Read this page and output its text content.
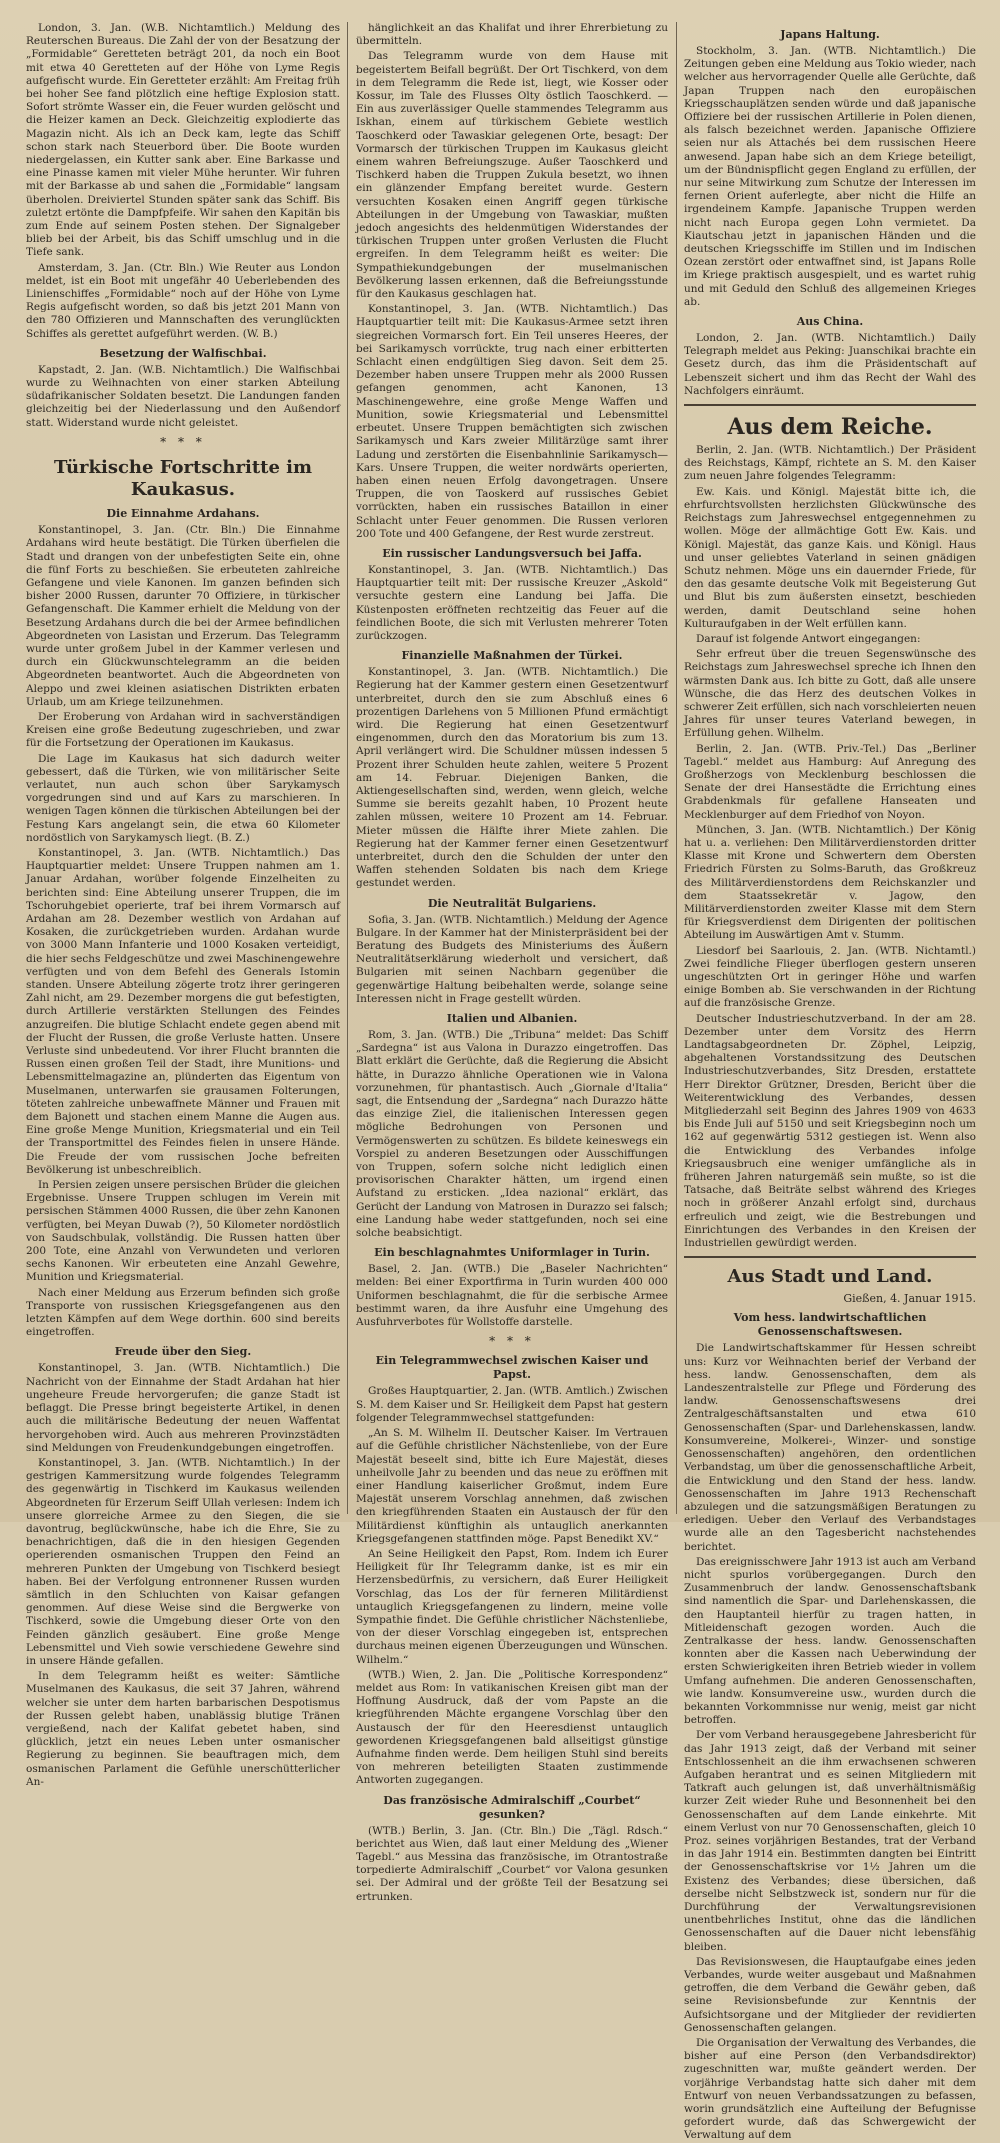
London, 3. Jan. (W.B. Nichtamtlich.) Meldung des Reuterschen Bureaus. Die Zahl der von der Besatzung der „Formidable“ Geretteten beträgt 201, da noch ein Boot mit etwa 40 Geretteten auf der Höhe von Lyme Regis aufgefischt wurde. Ein Geretteter erzählt: Am Freitag früh bei hoher See fand plötzlich eine heftige Explosion statt. Sofort strömte Wasser ein, die Feuer wurden gelöscht und die Heizer kamen an Deck. Gleichzeitig explodierte das Magazin nicht. Als ich an Deck kam, legte das Schiff schon stark nach Steuerbord über. Die Boote wurden niedergelassen, ein Kutter sank aber. Eine Barkasse und eine Pinasse kamen mit vieler Mühe herunter. Wir fuhren mit der Barkasse ab und sahen die „Formidable“ langsam überholen. Dreiviertel Stunden später sank das Schiff. Bis zuletzt ertönte die Dampfpfeife. Wir sahen den Kapitän bis zum Ende auf seinem Posten stehen. Der Signalgeber blieb bei der Arbeit, bis das Schiff umschlug und in die Tiefe sank.

Amsterdam, 3. Jan. (Ctr. Bln.) Wie Reuter aus London meldet, ist ein Boot mit ungefähr 40 Ueberlebenden des Linienschiffes „Formidable“ noch auf der Höhe von Lyme Regis aufgefischt worden, so daß bis jetzt 201 Mann von den 780 Offizieren und Mannschaften des verunglückten Schiffes als gerettet aufgeführt werden. (W. B.)

Besetzung der Walfischbai.

Kapstadt, 2. Jan. (W.B. Nichtamtlich.) Die Walfischbai wurde zu Weihnachten von einer starken Abteilung südafrikanischer Soldaten besetzt. Die Landungen fanden gleichzeitig bei der Niederlassung und den Außendorf statt. Widerstand wurde nicht geleistet.

* * *
Türkische Fortschritte im Kaukasus.
Die Einnahme Ardahans.

Konstantinopel, 3. Jan. (Ctr. Bln.) Die Einnahme Ardahans wird heute bestätigt. Die Türken überfielen die Stadt und drangen von der unbefestigten Seite ein, ohne die fünf Forts zu beschießen. Sie erbeuteten zahlreiche Gefangene und viele Kanonen. Im ganzen befinden sich bisher 2000 Russen, darunter 70 Offiziere, in türkischer Gefangenschaft. Die Kammer erhielt die Meldung von der Besetzung Ardahans durch die bei der Armee befindlichen Abgeordneten von Lasistan und Erzerum. Das Telegramm wurde unter großem Jubel in der Kammer verlesen und durch ein Glückwunschtelegramm an die beiden Abgeordneten beantwortet. Auch die Abgeordneten von Aleppo und zwei kleinen asiatischen Distrikten erbaten Urlaub, um am Kriege teilzunehmen.

Der Eroberung von Ardahan wird in sachverständigen Kreisen eine große Bedeutung zugeschrieben, und zwar für die Fortsetzung der Operationen im Kaukasus.

Die Lage im Kaukasus hat sich dadurch weiter gebessert, daß die Türken, wie von militärischer Seite verlautet, nun auch schon über Sarykamysch vorgedrungen sind und auf Kars zu marschieren. In wenigen Tagen können die türkischen Abteilungen bei der Festung Kars angelangt sein, die etwa 60 Kilometer nordöstlich von Sarykamysch liegt. (B. Z.)

Konstantinopel, 3. Jan. (WTB. Nichtamtlich.) Das Hauptquartier meldet: Unsere Truppen nahmen am 1. Januar Ardahan, worüber folgende Einzelheiten zu berichten sind: Eine Abteilung unserer Truppen, die im Tschoruhgebiet operierte, traf bei ihrem Vormarsch auf Ardahan am 28. Dezember westlich von Ardahan auf Kosaken, die zurückgetrieben wurden. Ardahan wurde von 3000 Mann Infanterie und 1000 Kosaken verteidigt, die hier sechs Feldgeschütze und zwei Maschinengewehre verfügten und von dem Befehl des Generals Istomin standen. Unsere Abteilung zögerte trotz ihrer geringeren Zahl nicht, am 29. Dezember morgens die gut befestigten, durch Artillerie verstärkten Stellungen des Feindes anzugreifen. Die blutige Schlacht endete gegen abend mit der Flucht der Russen, die große Verluste hatten. Unsere Verluste sind unbedeutend. Vor ihrer Flucht brannten die Russen einen großen Teil der Stadt, ihre Munitions- und Lebensmittelmagazine an, plünderten das Eigentum von Muselmanen, unterwarfen sie grausamen Folterungen, töteten zahlreiche unbewaffnete Männer und Frauen mit dem Bajonett und stachen einem Manne die Augen aus. Eine große Menge Munition, Kriegsmaterial und ein Teil der Transportmittel des Feindes fielen in unsere Hände. Die Freude der vom russischen Joche befreiten Bevölkerung ist unbeschreiblich.

In Persien zeigen unsere persischen Brüder die gleichen Ergebnisse. Unsere Truppen schlugen im Verein mit persischen Stämmen 4000 Russen, die über zehn Kanonen verfügten, bei Meyan Duwab (?), 50 Kilometer nordöstlich von Saudschbulak, vollständig. Die Russen hatten über 200 Tote, eine Anzahl von Verwundeten und verloren sechs Kanonen. Wir erbeuteten eine Anzahl Gewehre, Munition und Kriegsmaterial.

Nach einer Meldung aus Erzerum befinden sich große Transporte von russischen Kriegsgefangenen aus den letzten Kämpfen auf dem Wege dorthin. 600 sind bereits eingetroffen.

Freude über den Sieg.

Konstantinopel, 3. Jan. (WTB. Nichtamtlich.) Die Nachricht von der Einnahme der Stadt Ardahan hat hier ungeheure Freude hervorgerufen; die ganze Stadt ist beflaggt. Die Presse bringt begeisterte Artikel, in denen auch die militärische Bedeutung der neuen Waffentat hervorgehoben wird. Auch aus mehreren Provinzstädten sind Meldungen von Freudenkundgebungen eingetroffen.

Konstantinopel, 3. Jan. (WTB. Nichtamtlich.) In der gestrigen Kammersitzung wurde folgendes Telegramm des gegenwärtig in Tischkerd im Kaukasus weilenden Abgeordneten für Erzerum Seiff Ullah verlesen: Indem ich unsere glorreiche Armee zu den Siegen, die sie davontrug, beglückwünsche, habe ich die Ehre, Sie zu benachrichtigen, daß die in den hiesigen Gegenden operierenden osmanischen Truppen den Feind an mehreren Punkten der Umgebung von Tischkerd besiegt haben. Bei der Verfolgung entronnener Russen wurden sämtlich in den Schluchten von Kaisar gefangen genommen. Auf diese Weise sind die Bergwerke von Tischkerd, sowie die Umgebung dieser Orte von den Feinden gänzlich gesäubert. Eine große Menge Lebensmittel und Vieh sowie verschiedene Gewehre sind in unsere Hände gefallen.

In dem Telegramm heißt es weiter: Sämtliche Muselmanen des Kaukasus, die seit 37 Jahren, während welcher sie unter dem harten barbarischen Despotismus der Russen gelebt haben, unablässig blutige Tränen vergießend, nach der Kalifat gebetet haben, sind glücklich, jetzt ein neues Leben unter osmanischer Regierung zu beginnen. Sie beauftragen mich, dem osmanischen Parlament die Gefühle unerschütterlicher An-

hänglichkeit an das Khalifat und ihrer Ehrerbietung zu übermitteln.

Das Telegramm wurde von dem Hause mit begeistertem Beifall begrüßt. Der Ort Tischkerd, von dem in dem Telegramm die Rede ist, liegt, wie Kosser oder Kossur, im Tale des Flusses Olty östlich Taoschkerd. — Ein aus zuverlässiger Quelle stammendes Telegramm aus Iskhan, einem auf türkischem Gebiete westlich Taoschkerd oder Tawaskiar gelegenen Orte, besagt: Der Vormarsch der türkischen Truppen im Kaukasus gleicht einem wahren Befreiungszuge. Außer Taoschkerd und Tischkerd haben die Truppen Zukula besetzt, wo ihnen ein glänzender Empfang bereitet wurde. Gestern versuchten Kosaken einen Angriff gegen türkische Abteilungen in der Umgebung von Tawaskiar, mußten jedoch angesichts des heldenmütigen Widerstandes der türkischen Truppen unter großen Verlusten die Flucht ergreifen. In dem Telegramm heißt es weiter: Die Sympathiekundgebungen der muselmanischen Bevölkerung lassen erkennen, daß die Befreiungsstunde für den Kaukasus geschlagen hat.

Konstantinopel, 3. Jan. (WTB. Nichtamtlich.) Das Hauptquartier teilt mit: Die Kaukasus-Armee setzt ihren siegreichen Vormarsch fort. Ein Teil unseres Heeres, der bei Sarikamysch vorrückte, trug nach einer erbitterten Schlacht einen endgültigen Sieg davon. Seit dem 25. Dezember haben unsere Truppen mehr als 2000 Russen gefangen genommen, acht Kanonen, 13 Maschinengewehre, eine große Menge Waffen und Munition, sowie Kriegsmaterial und Lebensmittel erbeutet. Unsere Truppen bemächtigten sich zwischen Sarikamysch und Kars zweier Militärzüge samt ihrer Ladung und zerstörten die Eisenbahnlinie Sarikamysch—Kars. Unsere Truppen, die weiter nordwärts operierten, haben einen neuen Erfolg davongetragen. Unsere Truppen, die von Taoskerd auf russisches Gebiet vorrückten, haben ein russisches Bataillon in einer Schlacht unter Feuer genommen. Die Russen verloren 200 Tote und 400 Gefangene, der Rest wurde zerstreut.

Ein russischer Landungsversuch bei Jaffa.

Konstantinopel, 3. Jan. (WTB. Nichtamtlich.) Das Hauptquartier teilt mit: Der russische Kreuzer „Askold“ versuchte gestern eine Landung bei Jaffa. Die Küstenposten eröffneten rechtzeitig das Feuer auf die feindlichen Boote, die sich mit Verlusten mehrerer Toten zurückzogen.

Finanzielle Maßnahmen der Türkei.

Konstantinopel, 3. Jan. (WTB. Nichtamtlich.) Die Regierung hat der Kammer gestern einen Gesetzentwurf unterbreitet, durch den sie zum Abschluß eines 6 prozentigen Darlehens von 5 Millionen Pfund ermächtigt wird. Die Regierung hat einen Gesetzentwurf eingenommen, durch den das Moratorium bis zum 13. April verlängert wird. Die Schuldner müssen indessen 5 Prozent ihrer Schulden heute zahlen, weitere 5 Prozent am 14. Februar. Diejenigen Banken, die Aktiengesellschaften sind, werden, wenn gleich, welche Summe sie bereits gezahlt haben, 10 Prozent heute zahlen müssen, weitere 10 Prozent am 14. Februar. Mieter müssen die Hälfte ihrer Miete zahlen. Die Regierung hat der Kammer ferner einen Gesetzentwurf unterbreitet, durch den die Schulden der unter den Waffen stehenden Soldaten bis nach dem Kriege gestundet werden.

Die Neutralität Bulgariens.

Sofia, 3. Jan. (WTB. Nichtamtlich.) Meldung der Agence Bulgare. In der Kammer hat der Ministerpräsident bei der Beratung des Budgets des Ministeriums des Äußern Neutralitätserklärung wiederholt und versichert, daß Bulgarien mit seinen Nachbarn gegenüber die gegenwärtige Haltung beibehalten werde, solange seine Interessen nicht in Frage gestellt würden.

Italien und Albanien.

Rom, 3. Jan. (WTB.) Die „Tribuna“ meldet: Das Schiff „Sardegna“ ist aus Valona in Durazzo eingetroffen. Das Blatt erklärt die Gerüchte, daß die Regierung die Absicht hätte, in Durazzo ähnliche Operationen wie in Valona vorzunehmen, für phantastisch. Auch „Giornale d'Italia“ sagt, die Entsendung der „Sardegna“ nach Durazzo hätte das einzige Ziel, die italienischen Interessen gegen mögliche Bedrohungen von Personen und Vermögenswerten zu schützen. Es bildete keineswegs ein Vorspiel zu anderen Besetzungen oder Ausschiffungen von Truppen, sofern solche nicht lediglich einen provisorischen Charakter hätten, um irgend einen Aufstand zu ersticken. „Idea nazional“ erklärt, das Gerücht der Landung von Matrosen in Durazzo sei falsch; eine Landung habe weder stattgefunden, noch sei eine solche beabsichtigt.

Ein beschlagnahmtes Uniformlager in Turin.

Basel, 2. Jan. (WTB.) Die „Baseler Nachrichten“ melden: Bei einer Exportfirma in Turin wurden 400 000 Uniformen beschlagnahmt, die für die serbische Armee bestimmt waren, da ihre Ausfuhr eine Umgehung des Ausfuhrverbotes für Wollstoffe darstelle.

* * *
Ein Telegrammwechsel zwischen Kaiser und Papst.

Großes Hauptquartier, 2. Jan. (WTB. Amtlich.) Zwischen S. M. dem Kaiser und Sr. Heiligkeit dem Papst hat gestern folgender Telegrammwechsel stattgefunden:

„An S. M. Wilhelm II. Deutscher Kaiser. Im Vertrauen auf die Gefühle christlicher Nächstenliebe, von der Eure Majestät beseelt sind, bitte ich Eure Majestät, dieses unheilvolle Jahr zu beenden und das neue zu eröffnen mit einer Handlung kaiserlicher Großmut, indem Eure Majestät unserem Vorschlag annehmen, daß zwischen den kriegführenden Staaten ein Austausch der für den Militärdienst künftighin als untauglich anerkannten Kriegsgefangenen stattfinden möge. Papst Benedikt XV.“

An Seine Heiligkeit den Papst, Rom. Indem ich Eurer Heiligkeit für Ihr Telegramm danke, ist es mir ein Herzensbedürfnis, zu versichern, daß Eurer Heiligkeit Vorschlag, das Los der für ferneren Militärdienst untauglich Kriegsgefangenen zu lindern, meine volle Sympathie findet. Die Gefühle christlicher Nächstenliebe, von der dieser Vorschlag eingegeben ist, entsprechen durchaus meinen eigenen Überzeugungen und Wünschen. Wilhelm.“

(WTB.) Wien, 2. Jan. Die „Politische Korrespondenz“ meldet aus Rom: In vatikanischen Kreisen gibt man der Hoffnung Ausdruck, daß der vom Papste an die kriegführenden Mächte ergangene Vorschlag über den Austausch der für den Heeresdienst untauglich gewordenen Kriegsgefangenen bald allseitigst günstige Aufnahme finden werde. Dem heiligen Stuhl sind bereits von mehreren beteiligten Staaten zustimmende Antworten zugegangen.

Das französische Admiralschiff „Courbet“ gesunken?

(WTB.) Berlin, 3. Jan. (Ctr. Bln.) Die „Tägl. Rdsch.“ berichtet aus Wien, daß laut einer Meldung des „Wiener Tagebl.“ aus Messina das französische, im Otrantostraße torpedierte Admiralschiff „Courbet“ vor Valona gesunken sei. Der Admiral und der größte Teil der Besatzung sei ertrunken.

Japans Haltung.

Stockholm, 3. Jan. (WTB. Nichtamtlich.) Die Zeitungen geben eine Meldung aus Tokio wieder, nach welcher aus hervorragender Quelle alle Gerüchte, daß Japan Truppen nach den europäischen Kriegsschauplätzen senden würde und daß japanische Offiziere bei der russischen Artillerie in Polen dienen, als falsch bezeichnet werden. Japanische Offiziere seien nur als Attachés bei dem russischen Heere anwesend. Japan habe sich an dem Kriege beteiligt, um der Bündnispflicht gegen England zu erfüllen, der nur seine Mitwirkung zum Schutze der Interessen im fernen Orient auferlegte, aber nicht die Hilfe an irgendeinem Kampfe. Japanische Truppen werden nicht nach Europa gegen Lohn vermietet. Da Kiautschau jetzt in japanischen Händen und die deutschen Kriegsschiffe im Stillen und im Indischen Ozean zerstört oder entwaffnet sind, ist Japans Rolle im Kriege praktisch ausgespielt, und es wartet ruhig und mit Geduld den Schluß des allgemeinen Krieges ab.

Aus China.

London, 2. Jan. (WTB. Nichtamtlich.) Daily Telegraph meldet aus Peking: Juanschikai brachte ein Gesetz durch, das ihm die Präsidentschaft auf Lebenszeit sichert und ihm das Recht der Wahl des Nachfolgers einräumt.

Aus dem Reiche.

Berlin, 2. Jan. (WTB. Nichtamtlich.) Der Präsident des Reichstags, Kämpf, richtete an S. M. den Kaiser zum neuen Jahre folgendes Telegramm:

Ew. Kais. und Königl. Majestät bitte ich, die ehrfurchtsvollsten herzlichsten Glückwünsche des Reichstags zum Jahreswechsel entgegennehmen zu wollen. Möge der allmächtige Gott Ew. Kais. und Königl. Majestät, das ganze Kais. und Königl. Haus und unser geliebtes Vaterland in seinen gnädigen Schutz nehmen. Möge uns ein dauernder Friede, für den das gesamte deutsche Volk mit Begeisterung Gut und Blut bis zum äußersten einsetzt, beschieden werden, damit Deutschland seine hohen Kulturaufgaben in der Welt erfüllen kann.

Darauf ist folgende Antwort eingegangen:

Sehr erfreut über die treuen Segenswünsche des Reichstags zum Jahreswechsel spreche ich Ihnen den wärmsten Dank aus. Ich bitte zu Gott, daß alle unsere Wünsche, die das Herz des deutschen Volkes in schwerer Zeit erfüllen, sich nach vorschleierten neuen Jahres für unser teures Vaterland bewegen, in Erfüllung gehen. Wilhelm.

Berlin, 2. Jan. (WTB. Priv.-Tel.) Das „Berliner Tagebl.“ meldet aus Hamburg: Auf Anregung des Großherzogs von Mecklenburg beschlossen die Senate der drei Hansestädte die Errichtung eines Grabdenkmals für gefallene Hanseaten und Mecklenburger auf dem Friedhof von Noyon.

München, 3. Jan. (WTB. Nichtamtlich.) Der König hat u. a. verliehen: Den Militärverdienstorden dritter Klasse mit Krone und Schwertern dem Obersten Friedrich Fürsten zu Solms-Baruth, das Großkreuz des Militärverdienstordens dem Reichskanzler und dem Staatssekretär v. Jagow, den Militärverdienstorden zweiter Klasse mit dem Stern für Kriegsverdienst dem Dirigenten der politischen Abteilung im Auswärtigen Amt v. Stumm.

Liesdorf bei Saarlouis, 2. Jan. (WTB. Nichtamtl.) Zwei feindliche Flieger überflogen gestern unseren ungeschützten Ort in geringer Höhe und warfen einige Bomben ab. Sie verschwanden in der Richtung auf die französische Grenze.

Deutscher Industrieschutzverband. In der am 28. Dezember unter dem Vorsitz des Herrn Landtagsabgeordneten Dr. Zöphel, Leipzig, abgehaltenen Vorstandssitzung des Deutschen Industrieschutzverbandes, Sitz Dresden, erstattete Herr Direktor Grützner, Dresden, Bericht über die Weiterentwicklung des Verbandes, dessen Mitgliederzahl seit Beginn des Jahres 1909 von 4633 bis Ende Juli auf 5150 und seit Kriegsbeginn noch um 162 auf gegenwärtig 5312 gestiegen ist. Wenn also die Entwicklung des Verbandes infolge Kriegsausbruch eine weniger umfängliche als in früheren Jahren naturgemäß sein mußte, so ist die Tatsache, daß Beiträte selbst während des Krieges noch in größerer Anzahl erfolgt sind, durchaus erfreulich und zeigt, wie die Bestrebungen und Einrichtungen des Verbandes in den Kreisen der Industriellen gewürdigt werden.

Aus Stadt und Land.
Gießen, 4. Januar 1915.
Vom hess. landwirtschaftlichen Genossenschaftswesen.

Die Landwirtschaftskammer für Hessen schreibt uns: Kurz vor Weihnachten berief der Verband der hess. landw. Genossenschaften, dem als Landeszentralstelle zur Pflege und Förderung des landw. Genossenschaftswesens drei Zentralgeschäftsanstalten und etwa 610 Genossenschaften (Spar- und Darlehenskassen, landw. Konsumvereine, Molkerei-, Winzer- und sonstige Genossenschaften) angehören, den ordentlichen Verbandstag, um über die genossenschaftliche Arbeit, die Entwicklung und den Stand der hess. landw. Genossenschaften im Jahre 1913 Rechenschaft abzulegen und die satzungsmäßigen Beratungen zu erledigen. Ueber den Verlauf des Verbandstages wurde alle an den Tagesbericht nachstehendes berichtet.

Das ereignisschwere Jahr 1913 ist auch am Verband nicht spurlos vorübergegangen. Durch den Zusammenbruch der landw. Genossenschaftsbank sind namentlich die Spar- und Darlehenskassen, die den Hauptanteil hierfür zu tragen hatten, in Mitleidenschaft gezogen worden. Auch die Zentralkasse der hess. landw. Genossenschaften konnten aber die Kassen nach Ueberwindung der ersten Schwierigkeiten ihren Betrieb wieder in vollem Umfang aufnehmen. Die anderen Genossenschaften, wie landw. Konsumvereine usw., wurden durch die bekannten Vorkommnisse nur wenig, meist gar nicht betroffen.

Der vom Verband herausgegebene Jahresbericht für das Jahr 1913 zeigt, daß der Verband mit seiner Entschlossenheit an die ihm erwachsenen schweren Aufgaben herantrat und es seinen Mitgliedern mit Tatkraft auch gelungen ist, daß unverhältnismäßig kurzer Zeit wieder Ruhe und Besonnenheit bei den Genossenschaften auf dem Lande einkehrte. Mit einem Verlust von nur 70 Genossenschaften, gleich 10 Proz. seines vorjährigen Bestandes, trat der Verband in das Jahr 1914 ein. Bestimmten dangten bei Eintritt der Genossenschaftskrise vor 1½ Jahren um die Existenz des Verbandes; diese übersichen, daß derselbe nicht Selbstzweck ist, sondern nur für die Durchführung der Verwaltungsrevisionen unentbehrliches Institut, ohne das die ländlichen Genossenschaften auf die Dauer nicht lebensfähig bleiben.

Das Revisionswesen, die Hauptaufgabe eines jeden Verbandes, wurde weiter ausgebaut und Maßnahmen getroffen, die dem Verband die Gewähr geben, daß seine Revisionsbefunde zur Kenntnis der Aufsichtsorgane und der Mitglieder der revidierten Genossenschaften gelangen.

Die Organisation der Verwaltung des Verbandes, die bisher auf eine Person (den Verbandsdirektor) zugeschnitten war, mußte geändert werden. Der vorjährige Verbandstag hatte sich daher mit dem Entwurf von neuen Verbandssatzungen zu befassen, worin grundsätzlich eine Aufteilung der Befugnisse gefordert wurde, daß das Schwergewicht der Verwaltung auf dem
